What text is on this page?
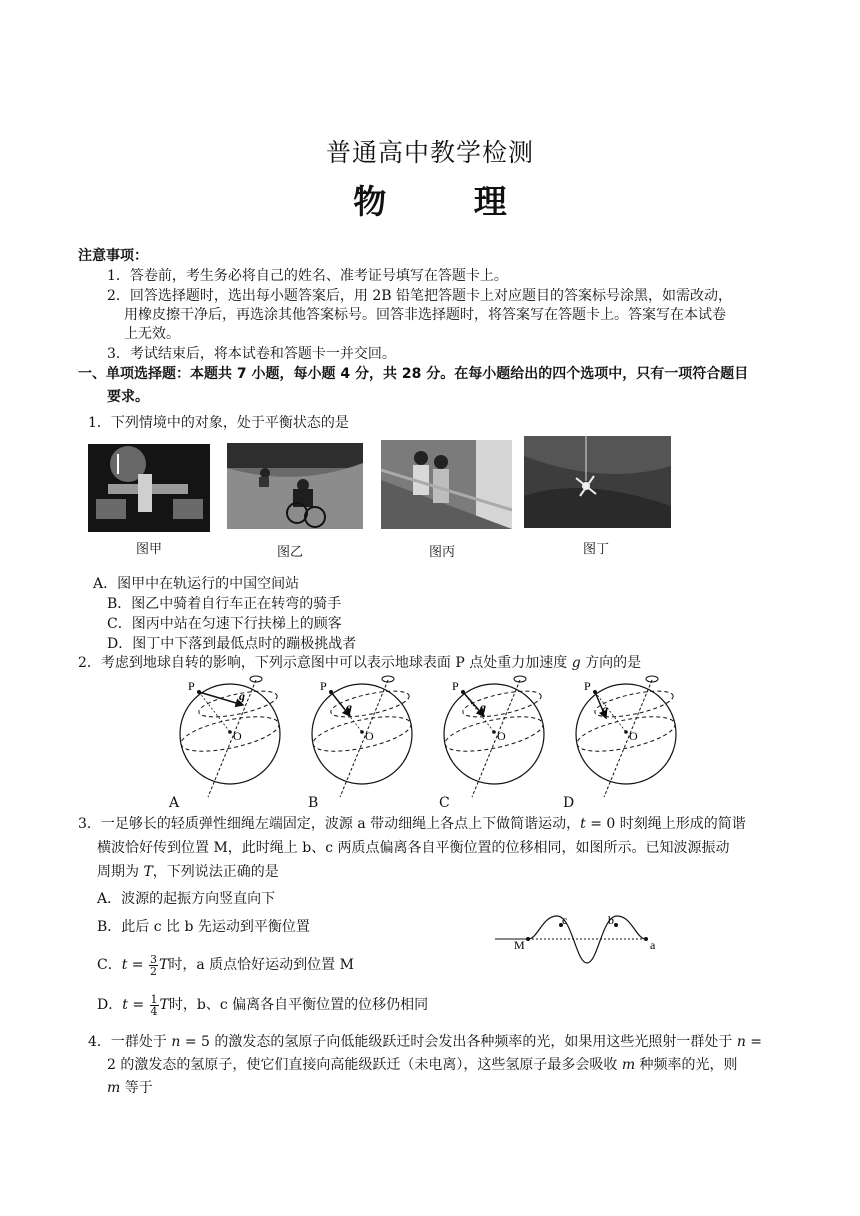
普通高中教学检测
物 理
注意事项：
1．答卷前，考生务必将自己的姓名、准考证号填写在答题卡上。
2．回答选择题时，选出每小题答案后，用 2B 铅笔把答题卡上对应题目的答案标号涂黑，如需改动，
用橡皮擦干净后，再选涂其他答案标号。回答非选择题时，将答案写在答题卡上。答案写在本试卷
上无效。
3．考试结束后，将本试卷和答题卡一并交回。
一、单项选择题：本题共 7 小题，每小题 4 分，共 28 分。在每小题给出的四个选项中，只有一项符合题目
要求。
1．下列情境中的对象，处于平衡状态的是
图甲	图乙	图丙	图丁
A．图甲中在轨运行的中国空间站
B．图乙中骑着自行车正在转弯的骑手
C．图丙中站在匀速下行扶梯上的顾客
D．图丁中下落到最低点时的蹦极挑战者
2．考虑到地球自转的影响，下列示意图中可以表示地球表面 P 点处重力加速度 g 方向的是
P
O
g
P
O
g
P
O
g
P
O
g
A	B	C	D
3．一足够长的轻质弹性细绳左端固定，波源 a 带动细绳上各点上下做简谐运动，t = 0 时刻绳上形成的简谐
横波恰好传到位置 M，此时绳上 b、c 两质点偏离各自平衡位置的位移相同，如图所示。已知波源振动
周期为 T，下列说法正确的是
A．波源的起振方向竖直向下
B．此后 c 比 b 先运动到平衡位置
C．$t = \frac{3}{2}$ T时，a 质点恰好运动到位置 M
D．$t = \frac{1}{4}$ T时，b、c 偏离各自平衡位置的位移仍相同
M
c	b
a
4．一群处于 n = 5 的激发态的氢原子向低能级跃迁时会发出各种频率的光，如果用这些光照射一群处于 n =
2 的激发态的氢原子，使它们直接向高能级跃迁（未电离），这些氢原子最多会吸收 m 种频率的光，则
m 等于
